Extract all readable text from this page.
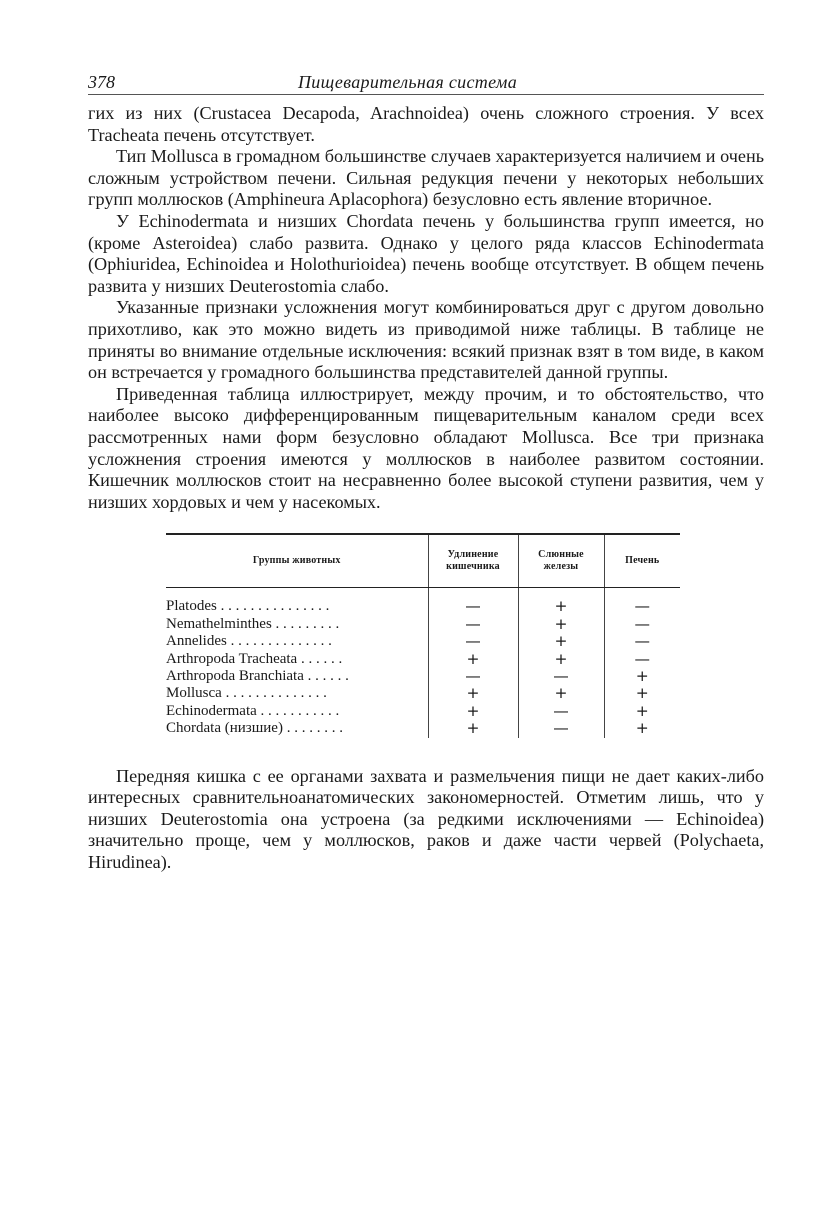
378	Пищеварительная система

гих из них (Crustacea Decapoda, Arachnoidea) очень сложного строения. У всех Tracheata печень отсутствует.

Тип Mollusca в громадном большинстве случаев характеризуется наличием и очень сложным устройством печени. Сильная редукция печени у некоторых небольших групп моллюсков (Amphineura Aplacophora) безусловно есть явление вторичное.

У Echinodermata и низших Chordata печень у большинства групп имеется, но (кроме Asteroidea) слабо развита. Однако у целого ряда классов Echinodermata (Ophiuridea, Echinoidea и Holothurioidea) печень вообще отсутствует. В общем печень развита у низших Deuterostomia слабо.

Указанные признаки усложнения могут комбинироваться друг с другом довольно прихотливо, как это можно видеть из приводимой ниже таблицы. В таблице не приняты во внимание отдельные исключения: всякий признак взят в том виде, в каком он встречается у громадного большинства представителей данной группы.

Приведенная таблица иллюстрирует, между прочим, и то обстоятельство, что наиболее высоко дифференцированным пищеварительным каналом среди всех рассмотренных нами форм безусловно обладают Mollusca. Все три признака усложнения строения имеются у моллюсков в наиболее развитом состоянии. Кишечник моллюсков стоит на несравненно более высокой ступени развития, чем у низших хордовых и чем у насекомых.

Группы животных	Удлинение кишечника	Слюнные железы	Печень
Platodes . . . . . . . . . . . . . . .	—	+	—
Nemathelminthes . . . . . . . . .	—	+	—
Annelides . . . . . . . . . . . . . .	—	+	—
Arthropoda Tracheata . . . . . .	+	+	—
Arthropoda Branchiata . . . . . .	—	—	+
Mollusca . . . . . . . . . . . . . .	+	+	+
Echinodermata . . . . . . . . . . .	+	—	+
Chordata (низшие) . . . . . . . .	+	—	+

Передняя кишка с ее органами захвата и размельчения пищи не дает каких-либо интересных сравнительноанатомических закономерностей. Отметим лишь, что у низших Deuterostomia она устроена (за редкими исключениями — Echinoidea) значительно проще, чем у моллюсков, раков и даже части червей (Polychaeta, Hirudinea).
